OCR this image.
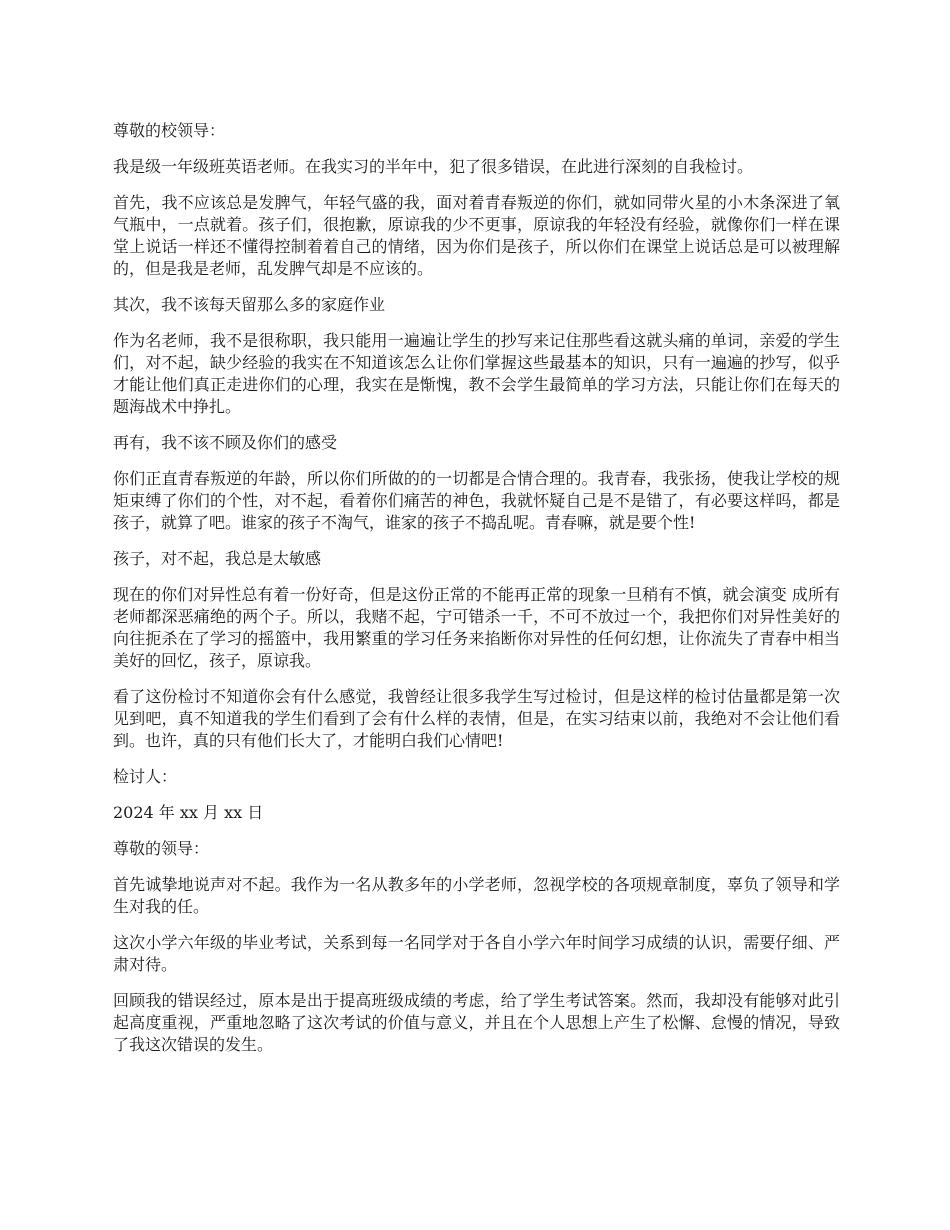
尊敬的校领导：

我是级一年级班英语老师。在我实习的半年中，犯了很多错误，在此进行深刻的自我检讨。

首先，我不应该总是发脾气，年轻气盛的我，面对着青春叛逆的你们，就如同带火星的小木条深进了氧气瓶中，一点就着。孩子们，很抱歉，原谅我的少不更事，原谅我的年轻没有经验，就像你们一样在课堂上说话一样还不懂得控制着着自己的情绪，因为你们是孩子，所以你们在课堂上说话总是可以被理解的，但是我是老师，乱发脾气却是不应该的。

其次，我不该每天留那么多的家庭作业

作为名老师，我不是很称职，我只能用一遍遍让学生的抄写来记住那些看这就头痛的单词，亲爱的学生们，对不起，缺少经验的我实在不知道该怎么让你们掌握这些最基本的知识，只有一遍遍的抄写，似乎才能让他们真正走进你们的心理，我实在是惭愧，教不会学生最简单的学习方法，只能让你们在每天的题海战术中挣扎。

再有，我不该不顾及你们的感受

你们正直青春叛逆的年龄，所以你们所做的的一切都是合情合理的。我青春，我张扬，使我让学校的规矩束缚了你们的个性，对不起，看着你们痛苦的神色，我就怀疑自己是不是错了，有必要这样吗，都是孩子，就算了吧。谁家的孩子不淘气，谁家的孩子不捣乱呢。青春嘛，就是要个性!

孩子，对不起，我总是太敏感

现在的你们对异性总有着一份好奇，但是这份正常的不能再正常的现象一旦稍有不慎，就会演变 成所有老师都深恶痛绝的两个子。所以，我赌不起，宁可错杀一千，不可不放过一个，我把你们对异性美好的向往扼杀在了学习的摇篮中，我用繁重的学习任务来掐断你对异性的任何幻想，让你流失了青春中相当美好的回忆，孩子，原谅我。

看了这份检讨不知道你会有什么感觉，我曾经让很多我学生写过检讨，但是这样的检讨估量都是第一次见到吧，真不知道我的学生们看到了会有什么样的表情，但是，在实习结束以前，我绝对不会让他们看到。也许，真的只有他们长大了，才能明白我们心情吧!

检讨人：

2024 年 xx 月 xx 日

尊敬的领导：

首先诚挚地说声对不起。我作为一名从教多年的小学老师，忽视学校的各项规章制度，辜负了领导和学生对我的任。

这次小学六年级的毕业考试，关系到每一名同学对于各自小学六年时间学习成绩的认识，需要仔细、严肃对待。

回顾我的错误经过，原本是出于提高班级成绩的考虑，给了学生考试答案。然而，我却没有能够对此引起高度重视，严重地忽略了这次考试的价值与意义，并且在个人思想上产生了松懈、怠慢的情况，导致了我这次错误的发生。
